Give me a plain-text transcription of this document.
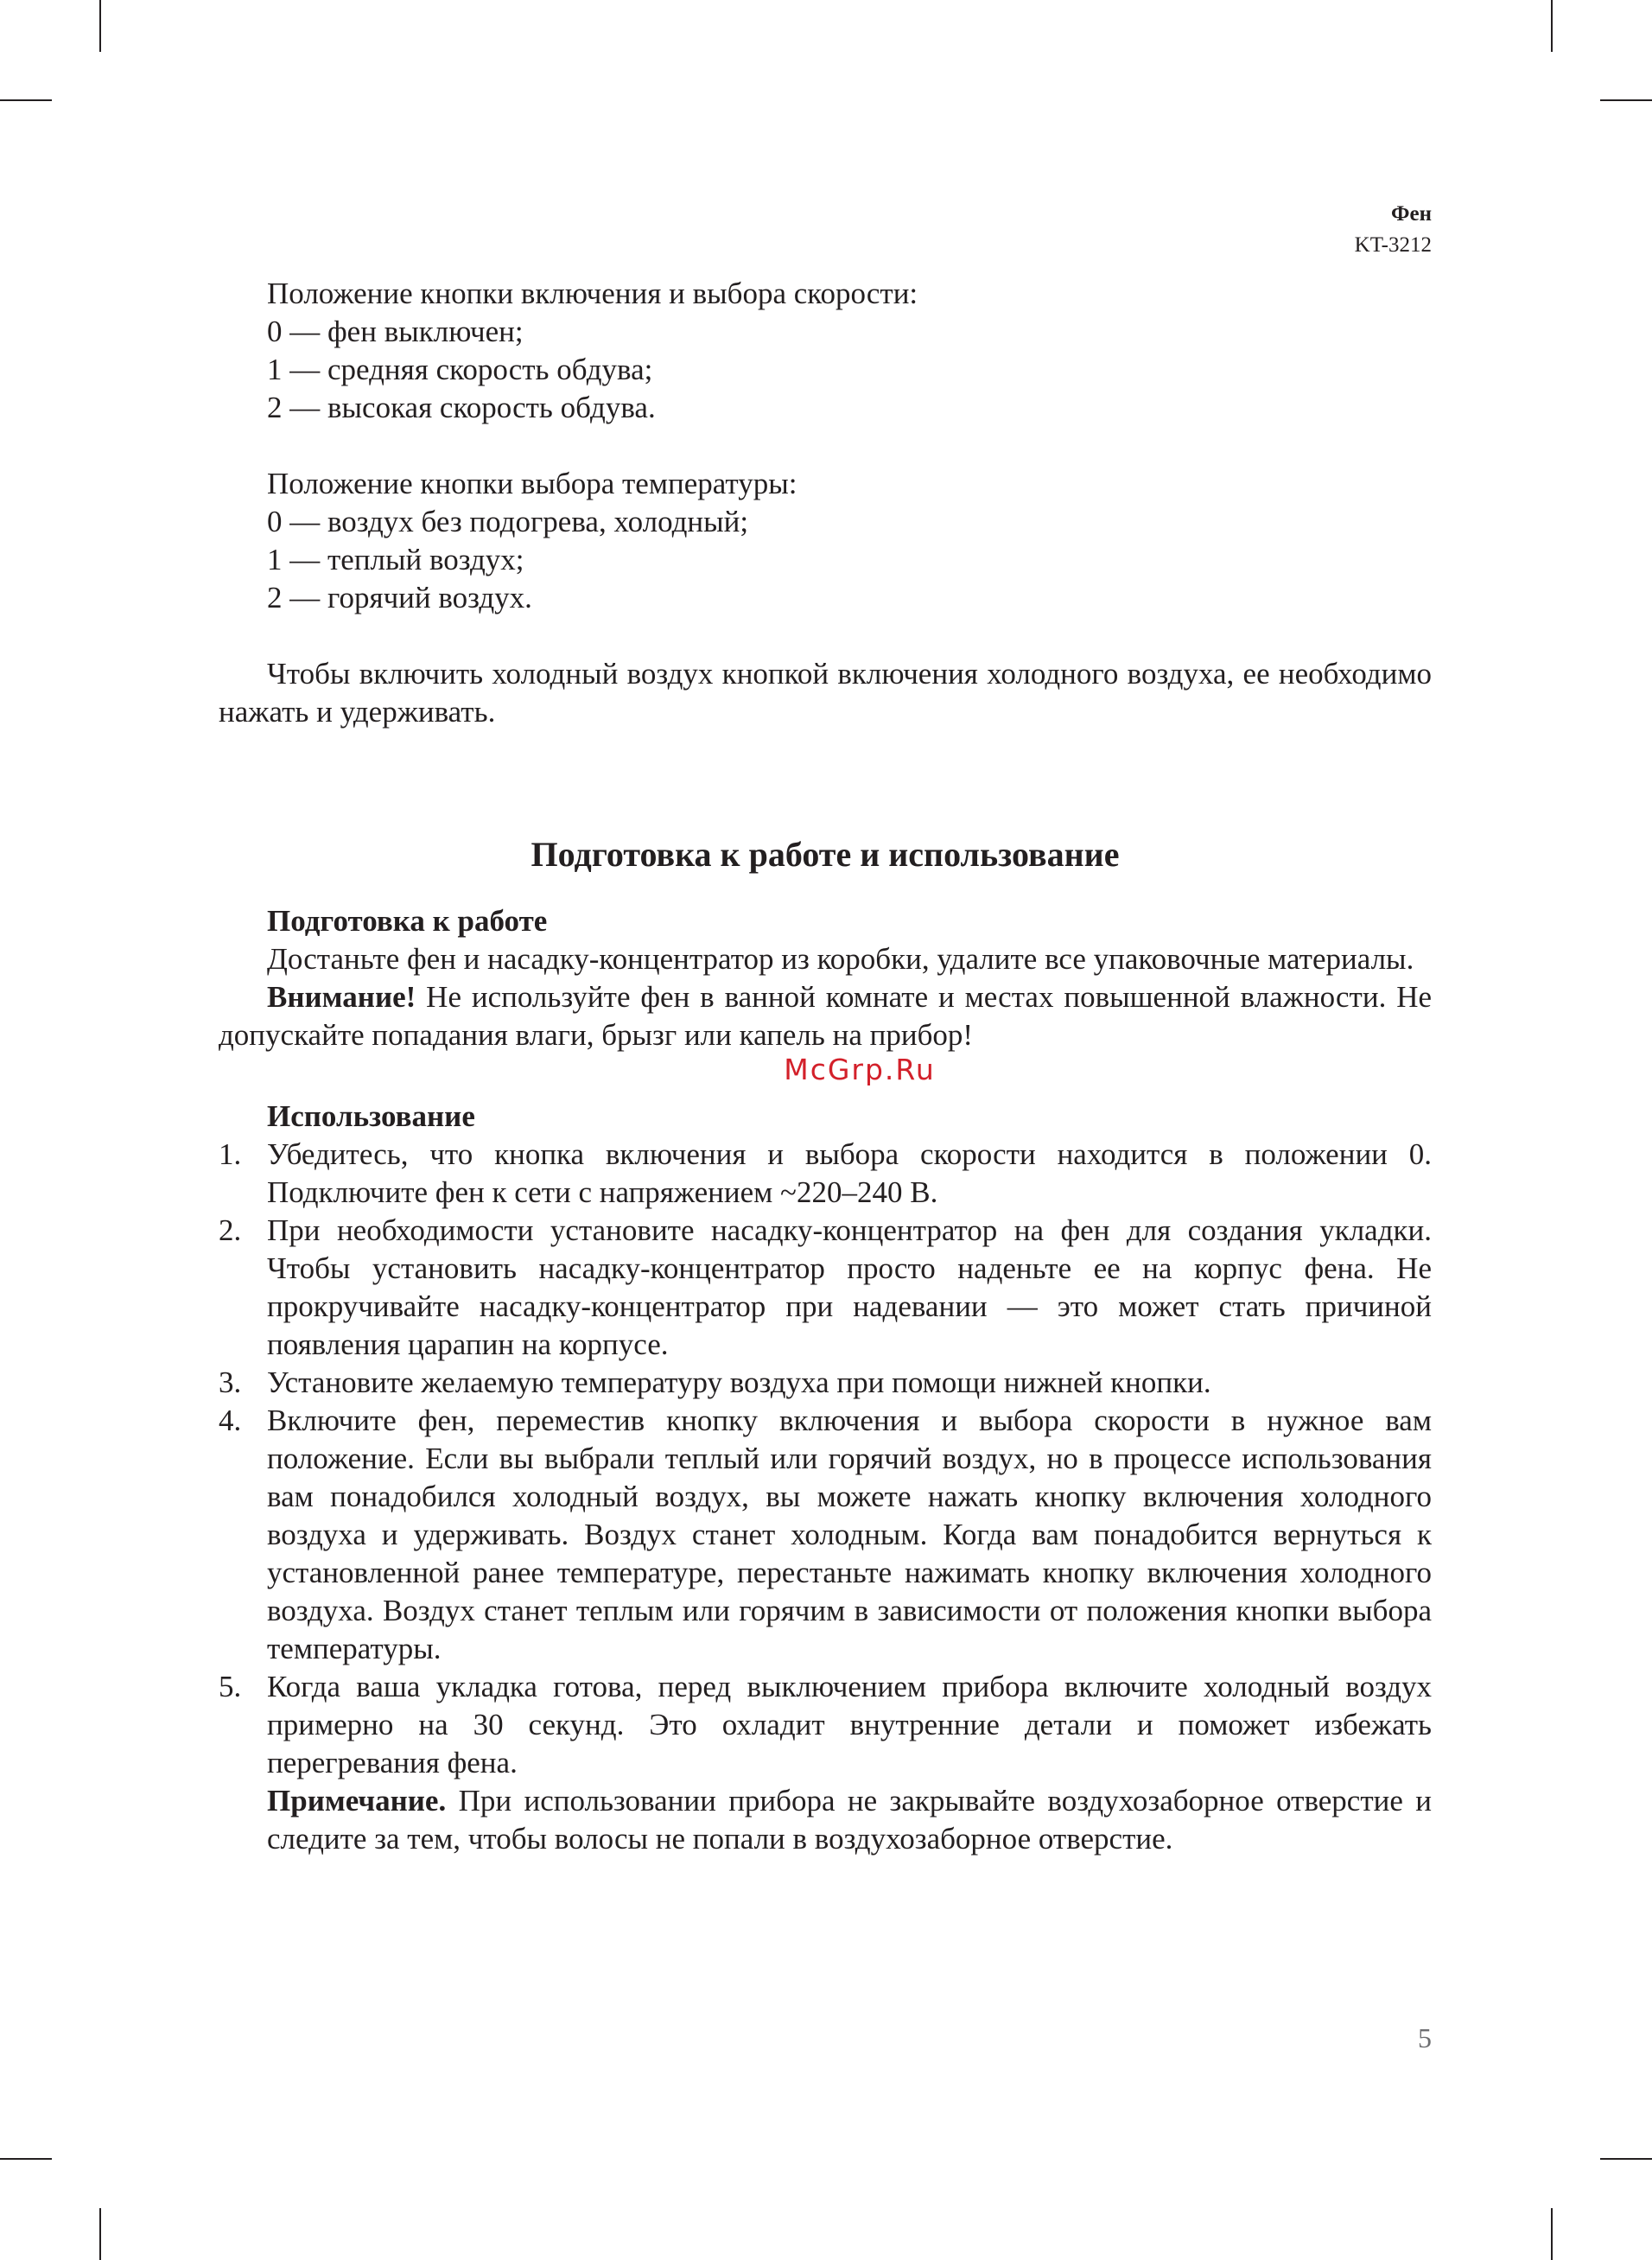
Фен
KT-3212

Положение кнопки включения и выбора скорости:

0 — фен выключен;

1 — средняя скорость обдува;

2 — высокая скорость обдува.

Положение кнопки выбора температуры:

0 — воздух без подогрева, холодный;

1 — теплый воздух;

2 — горячий воздух.

Чтобы включить холодный воздух кнопкой включения холодного воздуха, ее необходимо нажать и удерживать.

Подготовка к работе и использование

Подготовка к работе

Достаньте фен и насадку-концентратор из коробки, удалите все упаковочные материалы.

Внимание! Не используйте фен в ванной комнате и местах повышенной влажности. Не допускайте попадания влаги, брызг или капель на прибор!

McGrp.Ru

Использование

1. Убедитесь, что кнопка включения и выбора скорости находится в положении 0. Подключите фен к сети с напряжением ~220–240 В.
2. При необходимости установите насадку-концентратор на фен для создания укладки. Чтобы установить насадку-концентратор просто наденьте ее на корпус фена. Не прокручивайте насадку-концентратор при надевании — это может стать причиной появления царапин на корпусе.
3. Установите желаемую температуру воздуха при помощи нижней кнопки.
4. Включите фен, переместив кнопку включения и выбора скорости в нужное вам положение. Если вы выбрали теплый или горячий воздух, но в процессе использования вам понадобился холодный воздух, вы можете нажать кнопку включения холодного воздуха и удерживать. Воздух станет холодным. Когда вам понадобится вернуться к установленной ранее температуре, перестаньте нажимать кнопку включения холодного воздуха. Воздух станет теплым или горячим в зависимости от положения кнопки выбора температуры.
5. Когда ваша укладка готова, перед выключением прибора включите холодный воздух примерно на 30 секунд. Это охладит внутренние детали и поможет избежать перегревания фена.

Примечание. При использовании прибора не закрывайте воздухозаборное отверстие и следите за тем, чтобы волосы не попали в воздухозаборное отверстие.

5
